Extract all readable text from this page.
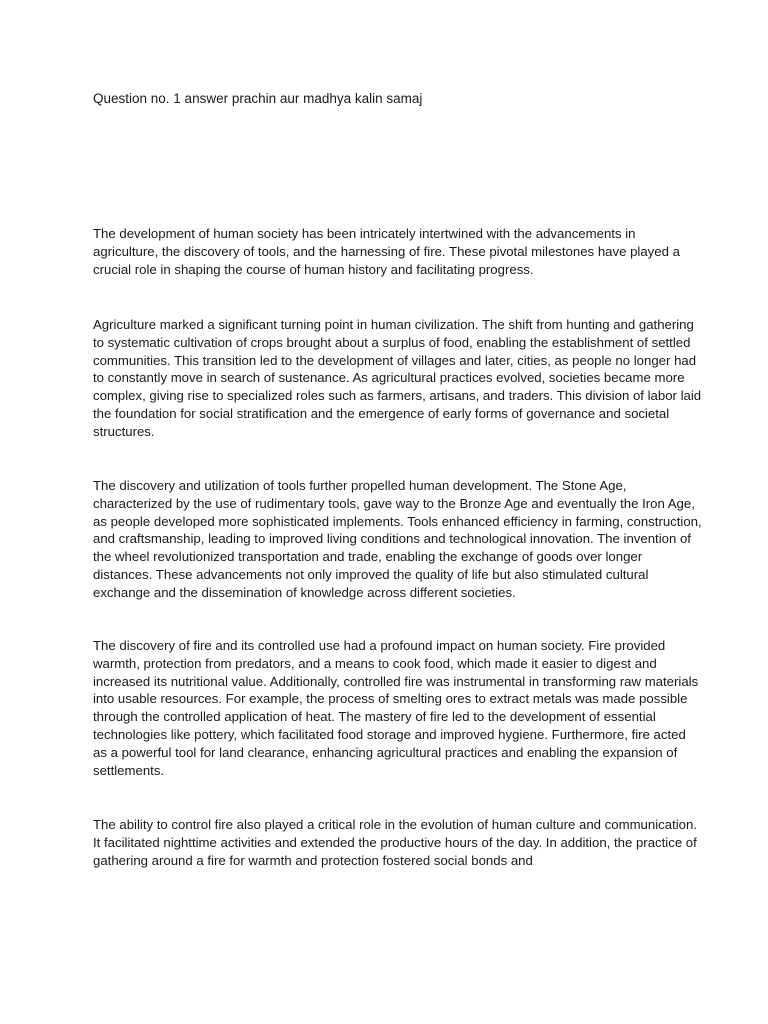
Question no. 1 answer prachin aur madhya kalin samaj

The development of human society has been intricately intertwined with the advancements in agriculture, the discovery of tools, and the harnessing of fire. These pivotal milestones have played a crucial role in shaping the course of human history and facilitating progress.

Agriculture marked a significant turning point in human civilization. The shift from hunting and gathering to systematic cultivation of crops brought about a surplus of food, enabling the establishment of settled communities. This transition led to the development of villages and later, cities, as people no longer had to constantly move in search of sustenance. As agricultural practices evolved, societies became more complex, giving rise to specialized roles such as farmers, artisans, and traders. This division of labor laid the foundation for social stratification and the emergence of early forms of governance and societal structures.

The discovery and utilization of tools further propelled human development. The Stone Age, characterized by the use of rudimentary tools, gave way to the Bronze Age and eventually the Iron Age, as people developed more sophisticated implements. Tools enhanced efficiency in farming, construction, and craftsmanship, leading to improved living conditions and technological innovation. The invention of the wheel revolutionized transportation and trade, enabling the exchange of goods over longer distances. These advancements not only improved the quality of life but also stimulated cultural exchange and the dissemination of knowledge across different societies.

The discovery of fire and its controlled use had a profound impact on human society. Fire provided warmth, protection from predators, and a means to cook food, which made it easier to digest and increased its nutritional value. Additionally, controlled fire was instrumental in transforming raw materials into usable resources. For example, the process of smelting ores to extract metals was made possible through the controlled application of heat. The mastery of fire led to the development of essential technologies like pottery, which facilitated food storage and improved hygiene. Furthermore, fire acted as a powerful tool for land clearance, enhancing agricultural practices and enabling the expansion of settlements.

The ability to control fire also played a critical role in the evolution of human culture and communication. It facilitated nighttime activities and extended the productive hours of the day. In addition, the practice of gathering around a fire for warmth and protection fostered social bonds and
